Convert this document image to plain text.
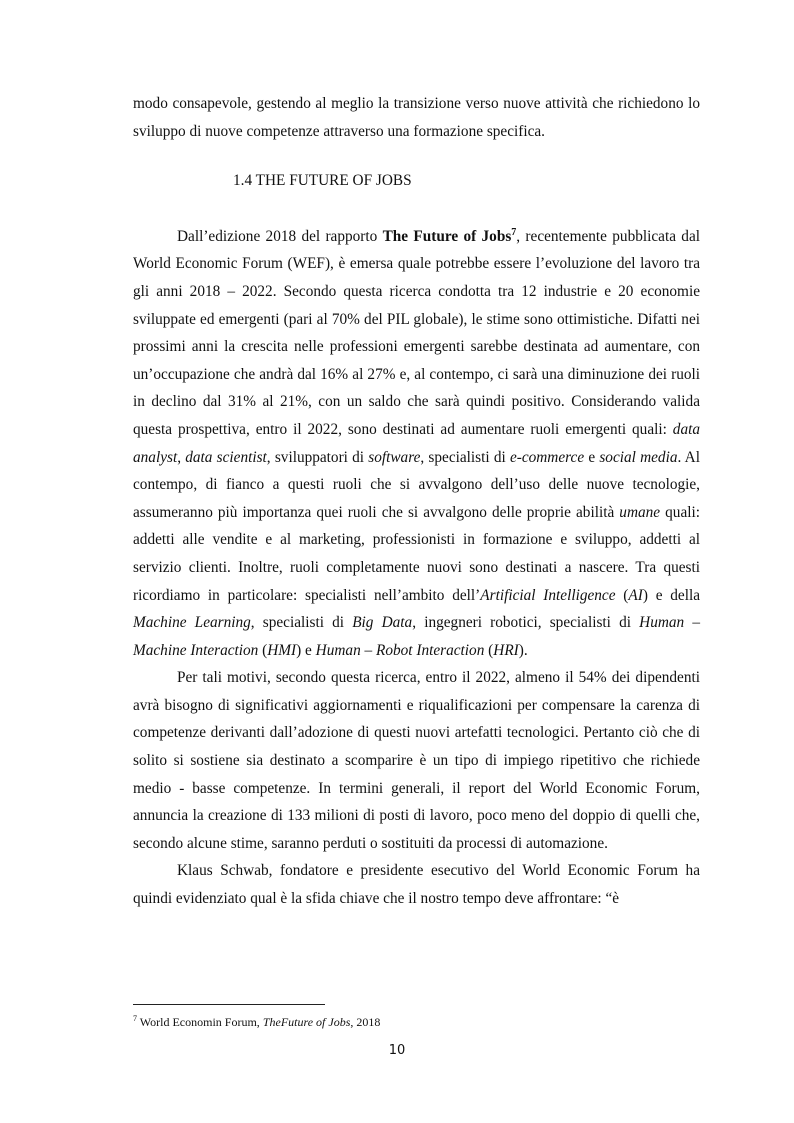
modo consapevole, gestendo al meglio la transizione verso nuove attività che richiedono lo sviluppo di nuove competenze attraverso una formazione specifica.

1.4 THE FUTURE OF JOBS

Dall’edizione 2018 del rapporto The Future of Jobs$^7$, recentemente pubblicata dal World Economic Forum (WEF), è emersa quale potrebbe essere l’evoluzione del lavoro tra gli anni 2018 – 2022. Secondo questa ricerca condotta tra 12 industrie e 20 economie sviluppate ed emergenti (pari al 70% del PIL globale), le stime sono ottimistiche. Difatti nei prossimi anni la crescita nelle professioni emergenti sarebbe destinata ad aumentare, con un’occupazione che andrà dal 16% al 27% e, al contempo, ci sarà una diminuzione dei ruoli in declino dal 31% al 21%, con un saldo che sarà quindi positivo. Considerando valida questa prospettiva, entro il 2022, sono destinati ad aumentare ruoli emergenti quali: data analyst, data scientist, sviluppatori di software, specialisti di e-commerce e social media. Al contempo, di fianco a questi ruoli che si avvalgono dell’uso delle nuove tecnologie, assumeranno più importanza quei ruoli che si avvalgono delle proprie abilità umane quali: addetti alle vendite e al marketing, professionisti in formazione e sviluppo, addetti al servizio clienti. Inoltre, ruoli completamente nuovi sono destinati a nascere. Tra questi ricordiamo in particolare: specialisti nell’ambito dell’Artificial Intelligence (AI) e della Machine Learning, specialisti di Big Data, ingegneri robotici, specialisti di Human – Machine Interaction (HMI) e Human – Robot Interaction (HRI).

Per tali motivi, secondo questa ricerca, entro il 2022, almeno il 54% dei dipendenti avrà bisogno di significativi aggiornamenti e riqualificazioni per compensare la carenza di competenze derivanti dall’adozione di questi nuovi artefatti tecnologici. Pertanto ciò che di solito si sostiene sia destinato a scomparire è un tipo di impiego ripetitivo che richiede medio - basse competenze. In termini generali, il report del World Economic Forum, annuncia la creazione di 133 milioni di posti di lavoro, poco meno del doppio di quelli che, secondo alcune stime, saranno perduti o sostituiti da processi di automazione.

Klaus Schwab, fondatore e presidente esecutivo del World Economic Forum ha quindi evidenziato qual è la sfida chiave che il nostro tempo deve affrontare: “è

$^7$ World Economin Forum, TheFuture of Jobs, 2018
10
